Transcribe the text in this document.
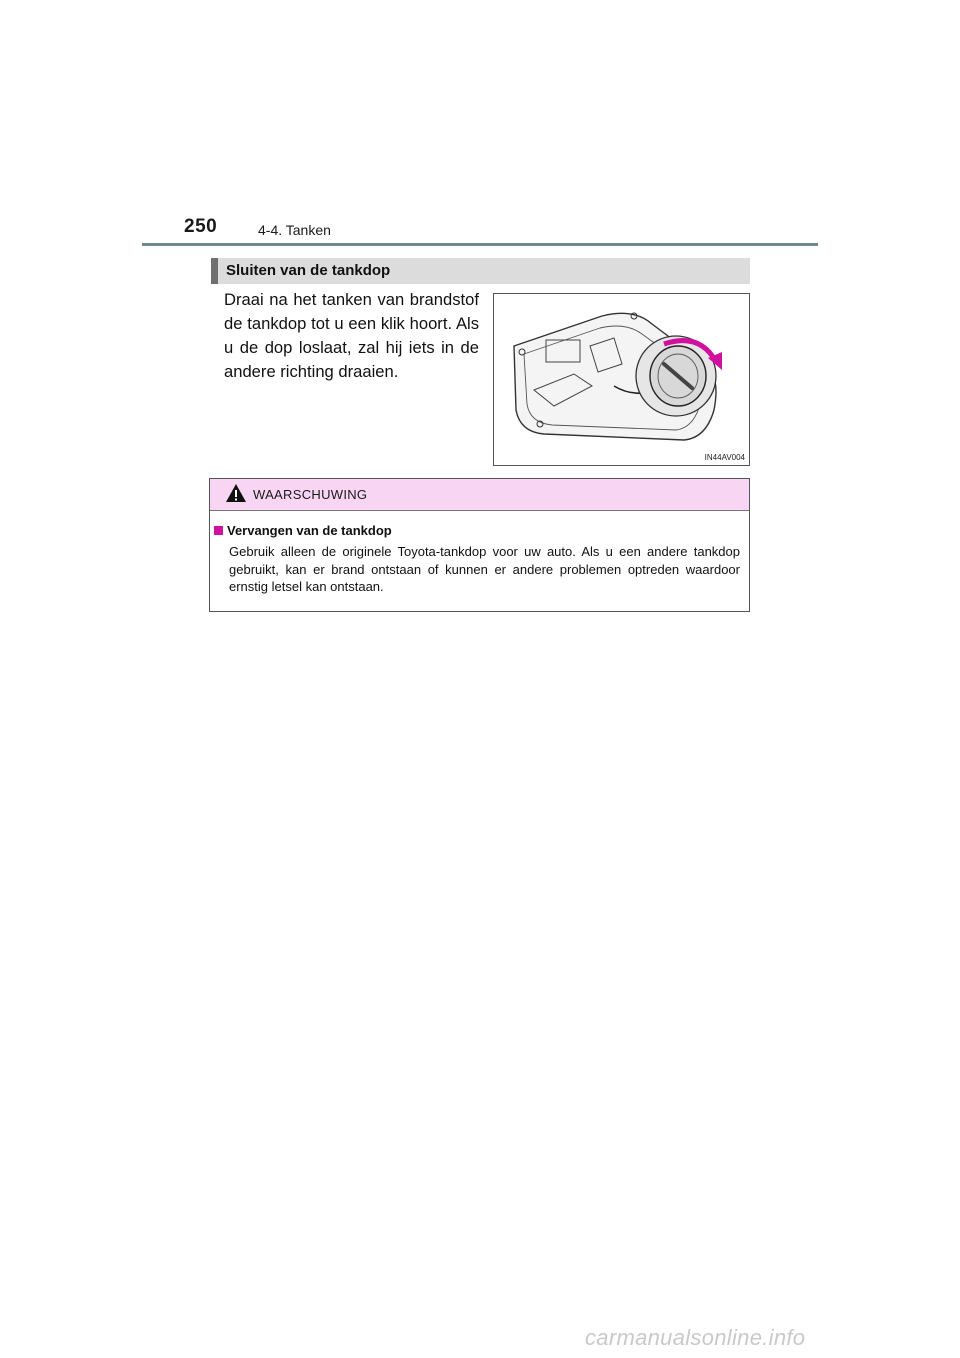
250	4-4. Tanken
Sluiten van de tankdop

Draai na het tanken van brandstof de tankdop tot u een klik hoort. Als u de dop loslaat, zal hij iets in de andere richting draaien.

IN44AV004
WAARSCHUWING
Vervangen van de tankdop
Gebruik alleen de originele Toyota-tankdop voor uw auto. Als u een andere tankdop gebruikt, kan er brand ontstaan of kunnen er andere problemen optreden waardoor ernstig letsel kan ontstaan.
carmanualsonline.info
